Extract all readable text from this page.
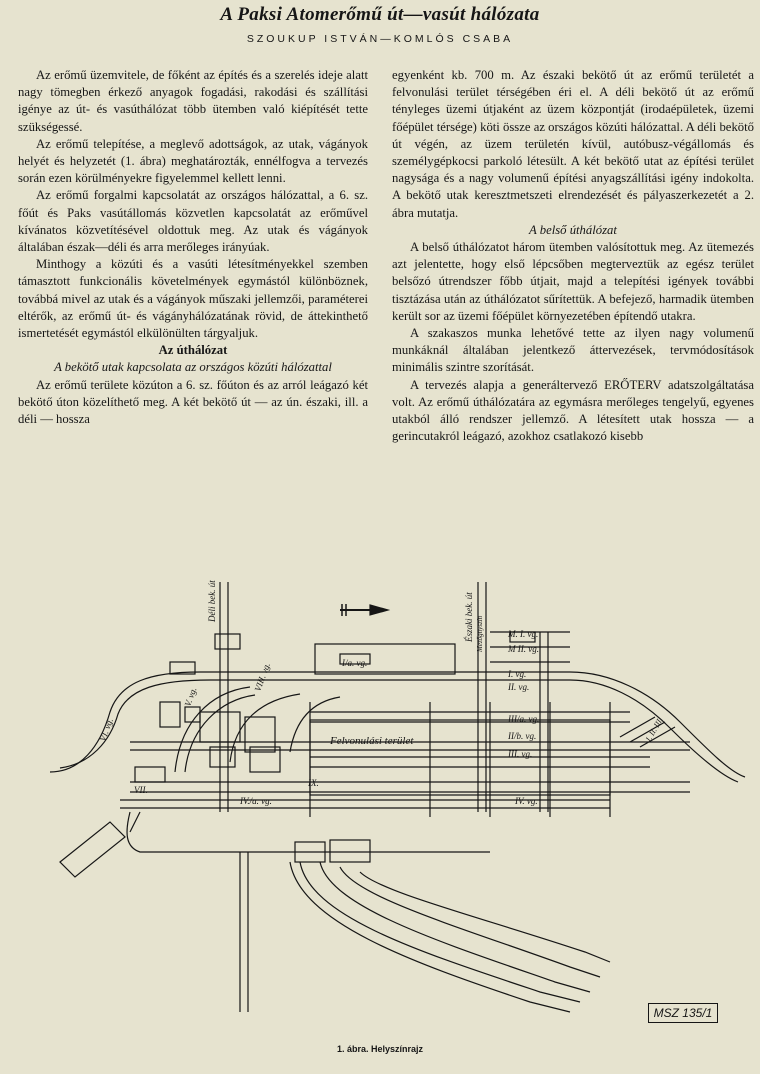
A Paksi Atomerőmű út—vasút hálózata
SZOUKUP ISTVÁN—KOMLÓS CSABA

Az erőmű üzemvitele, de főként az építés és a szerelés ideje alatt nagy tömegben érkező anyagok fogadási, rakodási és szállítási igénye az út- és vasúthálózat több ütemben való kiépítését tette szükségessé.

Az erőmű telepítése, a meglevő adottságok, az utak, vágányok helyét és helyzetét (1. ábra) meghatározták, ennélfogva a tervezés során ezen körülményekre figyelemmel kellett lenni.

Az erőmű forgalmi kapcsolatát az országos hálózattal, a 6. sz. főút és Paks vasútállomás közvetlen kapcsolatát az erőművel kívánatos közvetítésével oldottuk meg. Az utak és vágányok általában észak—déli és arra merőleges irányúak.

Minthogy a közúti és a vasúti létesítményekkel szemben támasztott funkcionális követelmények egymástól különböznek, továbbá mivel az utak és a vágányok műszaki jellemzői, paraméterei eltérők, az erőmű út- és vágányhálózatának rövid, de áttekinthető ismertetését egymástól elkülönülten tárgyaljuk.

Az úthálózat

A bekötő utak kapcsolata az országos közúti hálózattal

Az erőmű területe közúton a 6. sz. főúton és az arról leágazó két bekötő úton közelíthető meg. A két bekötő út — az ún. északi, ill. a déli — hossza

egyenként kb. 700 m. Az északi bekötő út az erőmű területét a felvonulási terület térségében éri el. A déli bekötő út az erőmű tényleges üzemi útjaként az üzem központját (irodaépületek, üzemi főépület térsége) köti össze az országos közúti hálózattal. A déli bekötő út végén, az üzem területén kívül, autóbusz-végállomás és személygépkocsi parkoló létesült. A két bekötő utat az építési terület nagysága és a nagy volumenű építési anyagszállítási igény indokolta. A bekötő utak keresztmetszeti elrendezését és pályaszerkezetét a 2. ábra mutatja.

A belső úthálózat

A belső úthálózatot három ütemben valósítottuk meg. Az ütemezés azt jelentette, hogy első lépcsőben megterveztük az egész terület belsőzó útrendszer főbb útjait, majd a telepítési igények további tisztázása után az úthálózatot sűrítettük. A befejező, harmadik ütemben került sor az üzemi főépület környezetében építendő utakra.

A szakaszos munka lehetővé tette az ilyen nagy volumenű munkáknál általában jelentkező áttervezések, tervmódosítások minimális szintre szorítását.

A tervezés alapja a generáltervező ERŐTERV adatszolgáltatása volt. Az erőmű úthálózatára az egymásra merőleges tengelyű, egyenes utakból álló rendszer jellemző. A létesített utak hossza — a gerincutakról leágazó, azokhoz csatlakozó kisebb

Déli bek. út	Északi bek. út Mezőgnyszín
Felvonulási terület
VI. vg.
V. vg.
VIII. vg.	I/a. vg.
M. I. vg.
M II. vg.
I. vg.
II. vg.
III/a. vg.
II/b. vg.
III. vg.
IV./a. vg.	IV. vg.
VII.
IX.
I. II. III.
MSZ 135/1
1. ábra. Helyszínrajz
